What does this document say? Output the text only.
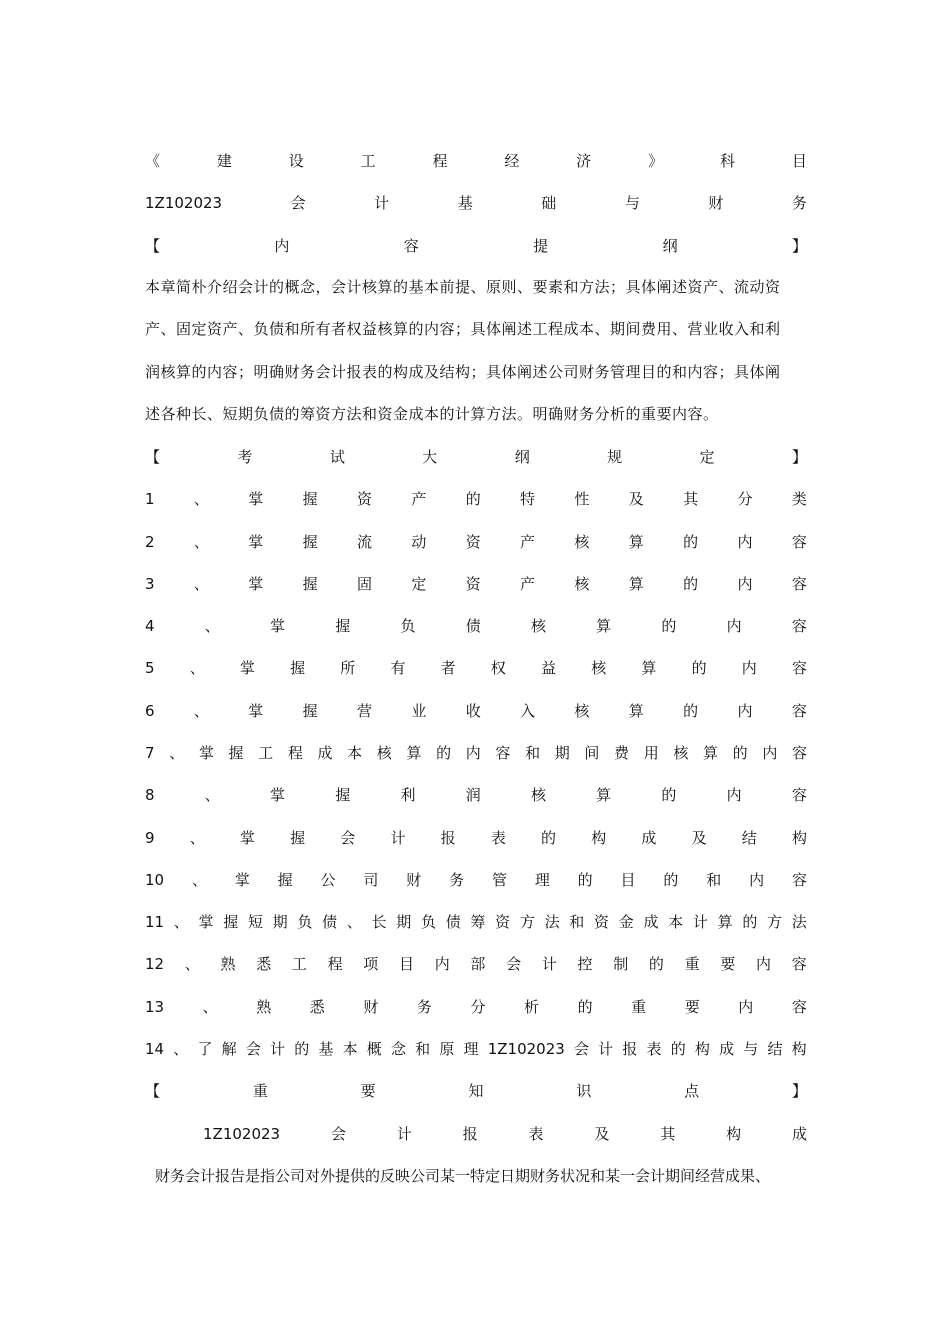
《	建	设	工	程	经	济	》	科	目
1Z102023	会	计	基	础	与	财	务
【	内	容	提	纲	】

本章简朴介绍会计的概念，会计核算的基本前提、原则、要素和方法；具体阐述资产、流动资

产、固定资产、负债和所有者权益核算的内容；具体阐述工程成本、期间费用、营业收入和利

润核算的内容；明确财务会计报表的构成及结构；具体阐述公司财务管理目的和内容；具体阐

述各种长、短期负债的筹资方法和资金成本的计算方法。明确财务分析的重要内容。

【	考	试	大	纲	规	定	】
1	、	掌	握	资	产	的	特	性	及	其	分	类
2	、	掌	握	流	动	资	产	核	算	的	内	容
3	、	掌	握	固	定	资	产	核	算	的	内	容
4	、	掌	握	负	债	核	算	的	内	容
5 、 掌 握 所 有 者 权 益 核 算 的 内 容
6	、	掌	握	营	业	收	入	核	算	的	内	容
7 、 掌 握 工 程 成 本 核 算 的 内 容 和 期 间 费 用 核 算 的 内 容
8	、	掌	握	利	润	核	算	的	内	容
9 、 掌 握 会 计 报 表 的 构 成 及 结 构
10 、 掌 握 公 司 财 务 管 理 的 目 的 和 内 容
11 、 掌 握 短 期 负 债 、 长 期 负 债 筹 资 方 法 和 资 金 成 本 计 算 的 方 法
12 、 熟 悉 工 程 项 目 内 部 会 计 控 制 的 重 要 内 容
13	、	熟	悉	财	务	分	析	的	重	要	内	容
14 、 了 解 会 计 的 基 本 概 念 和 原 理 1Z102023 会 计 报 表 的 构 成 与 结 构
【	重	要	知	识	点	】
1Z102023	会	计	报	表	及	其	构	成
财务会计报告是指公司对外提供的反映公司某一特定日期财务状况和某一会计期间经营成果、
